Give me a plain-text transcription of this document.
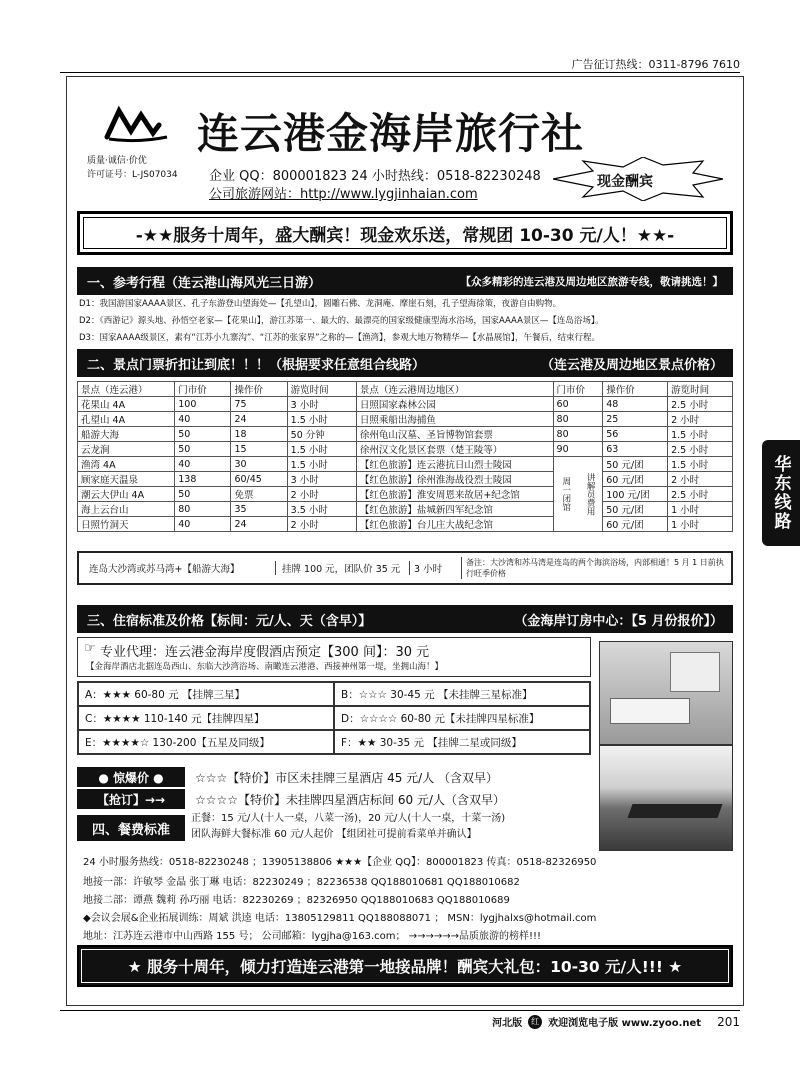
广告征订热线：0311-8796 7610
连云港金海岸旅行社
质量·诚信·价优
许可证号：L-JS07034 企业 QQ：800001823 24 小时热线：0518-82230248
公司旅游网站：http://www.lygjinhaian.com
现金酬宾
-★★服务十周年，盛大酬宾！现金欢乐送，常规团 10-30 元/人！★★-
一、参考行程（连云港山海风光三日游）	【众多精彩的连云港及周边地区旅游专线，敬请挑选！】
D1：我国游国家AAAA景区、孔子东游登山望海处—【孔望山】，圆雕石佛、龙洞庵、摩崖石刻，孔子望海徐策，夜游自由购物。
D2：《西游记》源头地、孙悟空老家—【花果山】，游江苏第一、最大的、最漂亮的国家级健康型海水浴场，国家AAAA景区—【连岛浴场】。
D3：国家AAAA级景区，素有“江苏小九寨沟”、“江苏的张家界”之称的—【渔湾】，参观大地万物精华—【水晶展馆】，午餐后，结束行程。
二、景点门票折扣让到底！！！（根据要求任意组合线路）	（连云港及周边地区景点价格）
景点（连云港）	门市价	操作价	游览时间	景点（连云港周边地区）	门市价	操作价	游览时间
花果山 4A	100	75	3 小时	日照国家森林公园	60	48	2.5 小时
孔望山 4A	40	24	1.5 小时	日照乘船出海捕鱼	80	25	2 小时
船游大海	50	18	50 分钟	徐州龟山汉墓、圣旨博物馆套票	80	56	1.5 小时
云龙涧	50	15	1.5 小时	徐州汉文化景区套票（楚王陵等）	90	63	2.5 小时
渔湾 4A	40	30	1.5 小时	【红色旅游】连云港抗日山烈士陵园	周一闭馆 讲解员费用	50 元/团	1.5 小时
顾家庭天温泉	138	60/45	3 小时	【红色旅游】徐州淮海战役烈士陵园		60 元/团	2 小时
潮云大伊山 4A	50	免票	2 小时	【红色旅游】淮安周恩来故居+纪念馆		100 元/团	2.5 小时
海上云台山	80	35	3.5 小时	【红色旅游】盐城新四军纪念馆		50 元/团	1 小时
日照竹洞天	40	24	2 小时	【红色旅游】台儿庄大战纪念馆		60 元/团	1 小时
连岛大沙湾或苏马湾+【船游大海】	挂牌 100 元，团队价 35 元	3 小时
备注：大沙湾和苏马湾是连岛的两个海滨浴场，内部相通！5 月 1 日前执行旺季价格
三、住宿标准及价格【标间：元/人、天（含早）】	（金海岸订房中心：【5 月份报价】）
☞ 专业代理：连云港金海岸度假酒店预定【300 间】：30 元
【金海岸酒店北据连岛西山、东临大沙湾浴场、南瞰连云港港、西接神州第一堤，坐拥山海！】
A：★★★ 60-80 元 【挂牌三星】	B：☆☆☆ 30-45 元 【未挂牌三星标准】
C：★★★★ 110-140 元【挂牌四星】	D：☆☆☆☆ 60-80 元【未挂牌四星标准】
E：★★★★☆ 130-200【五星及同级】	F：★★ 30-35 元 【挂牌二星或同级】
● 惊爆价 ●
【抢订】→→
☆☆☆【特价】市区未挂牌三星酒店 45 元/人 （含双早）
☆☆☆☆【特价】未挂牌四星酒店标间 60 元/人（含双早）
四、餐费标准
正餐：15 元/人(十人一桌，八菜一汤)，20 元/人(十人一桌，十菜一汤)
团队海鲜大餐标准 60 元/人起价 【组团社可提前看菜单并确认】
24 小时服务热线：0518-82230248 ；13905138806 ★★★【企业 QQ】：800001823 传真：0518-82326950
地接一部：许敏琴 金晶 张丁琳 电话：82230249 ；82236538 QQ188010681 QQ188010682
地接二部：谭燕 魏莉 孙巧丽 电话：82230269 ；82326950 QQ188010683 QQ188010689
◆会议会展&企业拓展训练：周斌 洪逵 电话：13805129811 QQ188088071 ； MSN：lygjhalxs@hotmail.com
地址：江苏连云港市中山西路 155 号； 公司邮箱：lygjha@163.com； →→→→→→品质旅游的榜样!!!
★ 服务十周年，倾力打造连云港第一地接品牌！酬宾大礼包：10-30 元/人!!! ★
华东线路
河北版	红 欢迎浏览电子版 www.zyoo.net 201
